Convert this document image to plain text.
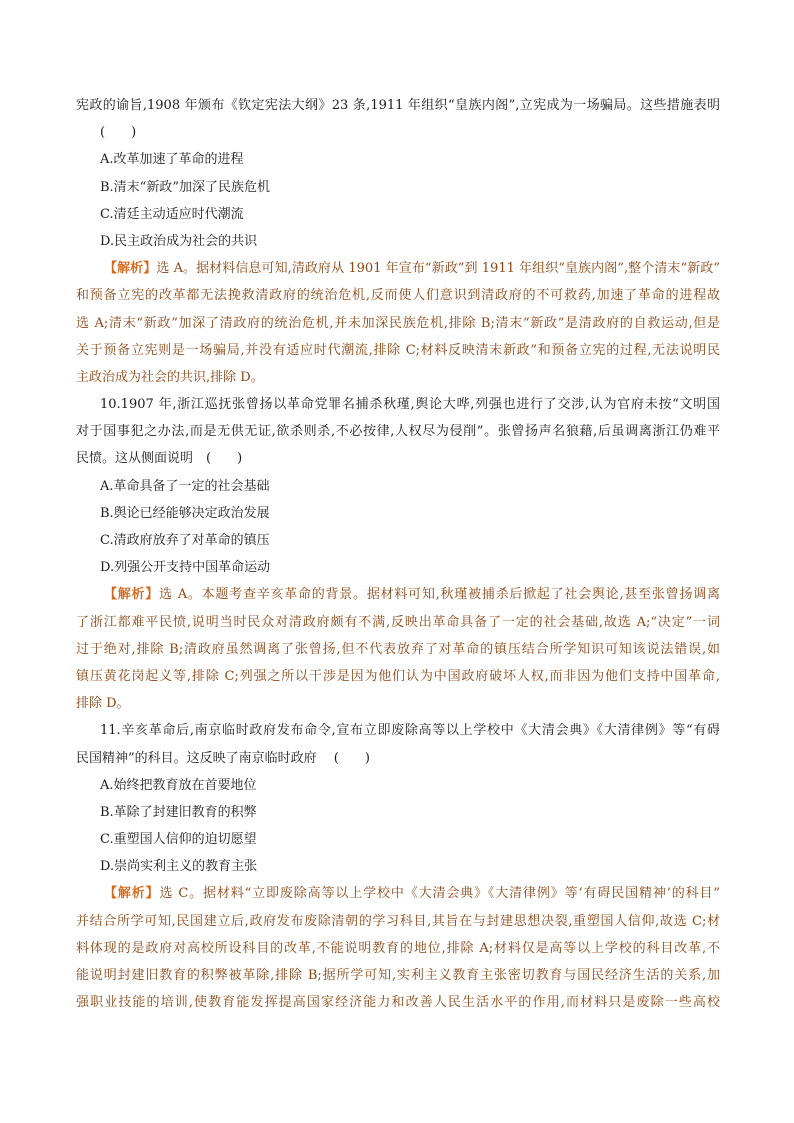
宪政的谕旨,1908 年颁布《钦定宪法大纲》23 条,1911 年组织“皇族内阁”,立宪成为一场骗局。这些措施表明
(　　)
A.改革加速了革命的进程
B.清末“新政”加深了民族危机
C.清廷主动适应时代潮流
D.民主政治成为社会的共识
【解析】选 A。据材料信息可知,清政府从 1901 年宣布“新政”到 1911 年组织“皇族内阁”,整个清末“新政”
和预备立宪的改革都无法挽救清政府的统治危机,反而使人们意识到清政府的不可救药,加速了革命的进程故
选 A;清末“新政”加深了清政府的统治危机,并未加深民族危机,排除 B;清末“新政”是清政府的自救运动,但是
关于预备立宪则是一场骗局,并没有适应时代潮流,排除 C;材料反映清末新政”和预备立宪的过程,无法说明民
主政治成为社会的共识,排除 D。
10.1907 年,浙江巡抚张曾扬以革命党罪名捕杀秋瑾,舆论大哗,列强也进行了交涉,认为官府未按“文明国
对于国事犯之办法,而是无供无证,欲杀则杀,不必按律,人权尽为侵削”。张曾扬声名狼藉,后虽调离浙江仍难平
民愤。这从侧面说明　(　　)
A.革命具备了一定的社会基础
B.舆论已经能够决定政治发展
C.清政府放弃了对革命的镇压
D.列强公开支持中国革命运动
【解析】选 A。本题考查辛亥革命的背景。据材料可知,秋瑾被捕杀后掀起了社会舆论,甚至张曾扬调离
了浙江都难平民愤,说明当时民众对清政府颇有不满,反映出革命具备了一定的社会基础,故选 A;“决定”一词
过于绝对,排除 B;清政府虽然调离了张曾扬,但不代表放弃了对革命的镇压结合所学知识可知该说法错误,如
镇压黄花岗起义等,排除 C;列强之所以干涉是因为他们认为中国政府破坏人权,而非因为他们支持中国革命,
排除 D。
11.辛亥革命后,南京临时政府发布命令,宣布立即废除高等以上学校中《大清会典》《大清律例》等“有碍
民国精神”的科目。这反映了南京临时政府　 (　　)
A.始终把教育放在首要地位
B.革除了封建旧教育的积弊
C.重塑国人信仰的迫切愿望
D.崇尚实利主义的教育主张
【解析】选 C。据材料“立即废除高等以上学校中《大清会典》《大清律例》等‘有碍民国精神’的科目”
并结合所学可知,民国建立后,政府发布废除清朝的学习科目,其旨在与封建思想决裂,重塑国人信仰,故选 C;材
料体现的是政府对高校所设科目的改革,不能说明教育的地位,排除 A;材料仅是高等以上学校的科目改革,不
能说明封建旧教育的积弊被革除,排除 B;据所学可知,实利主义教育主张密切教育与国民经济生活的关系,加
强职业技能的培训,使教育能发挥提高国家经济能力和改善人民生活水平的作用,而材料只是废除一些高校
